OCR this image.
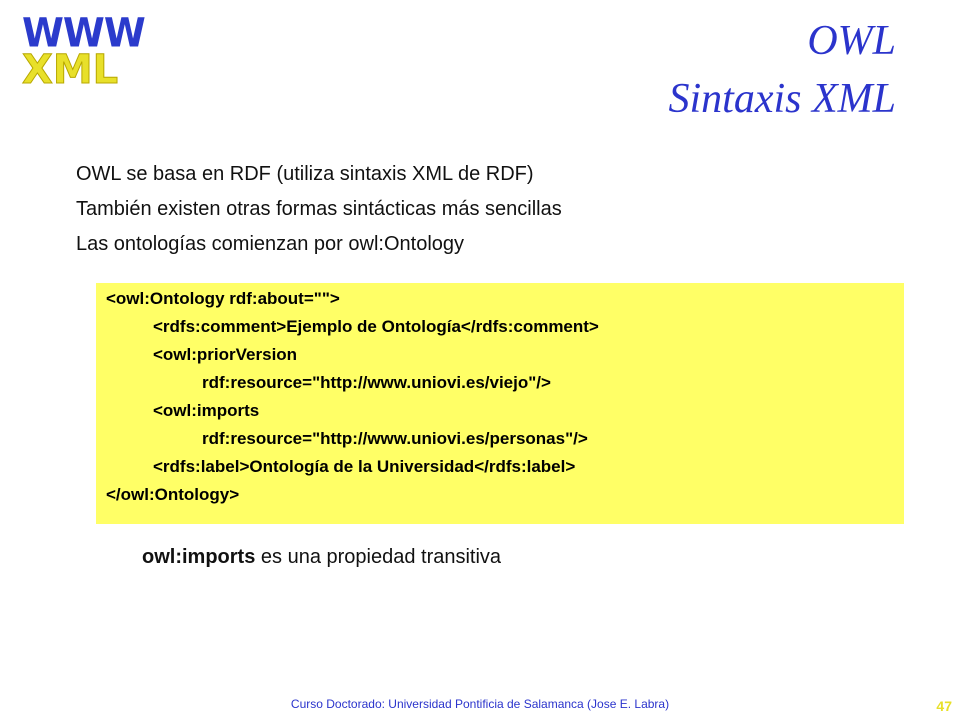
WWW
XML
OWL
Sintaxis XML
OWL se basa en RDF (utiliza sintaxis XML de RDF)
También existen otras formas sintácticas más sencillas
Las ontologías comienzan por owl:Ontology
<owl:Ontology rdf:about="">
<rdfs:comment>Ejemplo de Ontología</rdfs:comment>
<owl:priorVersion
rdf:resource="http://www.uniovi.es/viejo"/>
<owl:imports
rdf:resource="http://www.uniovi.es/personas"/>
<rdfs:label>Ontología de la Universidad</rdfs:label>
</owl:Ontology>
owl:imports es una propiedad transitiva
Curso Doctorado: Universidad Pontificia de Salamanca (Jose E. Labra)	47
